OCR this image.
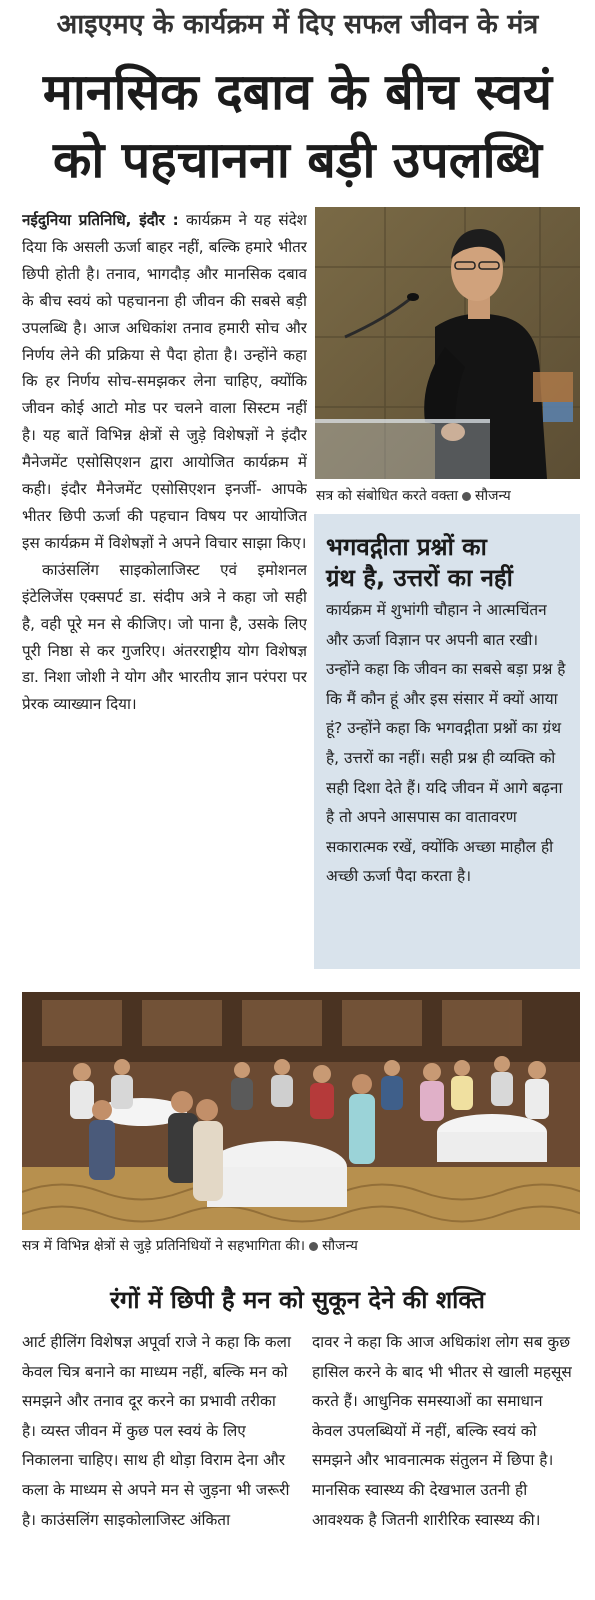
आइएमए के कार्यक्रम में दिए सफल जीवन के मंत्र
मानसिक दबाव के बीच स्वयं
को पहचानना बड़ी उपलब्धि
नईदुनिया प्रतिनिधि, इंदौर : कार्यक्रम ने यह संदेश दिया कि असली ऊर्जा बाहर नहीं, बल्कि हमारे भीतर छिपी होती है। तनाव, भागदौड़ और मानसिक दबाव के बीच स्वयं को पहचानना ही जीवन की सबसे बड़ी उपलब्धि है। आज अधिकांश तनाव हमारी सोच और निर्णय लेने की प्रक्रिया से पैदा होता है। उन्होंने कहा कि हर निर्णय सोच-समझकर लेना चाहिए, क्योंकि जीवन कोई आटो मोड पर चलने वाला सिस्टम नहीं है। यह बातें विभिन्न क्षेत्रों से जुड़े विशेषज्ञों ने इंदौर मैनेजमेंट एसोसिएशन द्वारा आयोजित कार्यक्रम में कही। इंदौर मैनेजमेंट एसोसिएशन इनर्जी- आपके भीतर छिपी ऊर्जा की पहचान विषय पर आयोजित इस कार्यक्रम में विशेषज्ञों ने अपने विचार साझा किए।
काउंसलिंग साइकोलाजिस्ट एवं इमोशनल इंटेलिजेंस एक्सपर्ट डा. संदीप अत्रे ने कहा जो सही है, वही पूरे मन से कीजिए। जो पाना है, उसके लिए पूरी निष्ठा से कर गुजरिए। अंतरराष्ट्रीय योग विशेषज्ञ डा. निशा जोशी ने योग और भारतीय ज्ञान परंपरा पर प्रेरक व्याख्यान दिया।
सत्र को संबोधित करते वक्ता सौजन्य
भगवद्गीता प्रश्नों का
ग्रंथ है, उत्तरों का नहीं

कार्यक्रम में शुभांगी चौहान ने आत्मचिंतन और ऊर्जा विज्ञान पर अपनी बात रखी। उन्होंने कहा कि जीवन का सबसे बड़ा प्रश्न है कि मैं कौन हूं और इस संसार में क्यों आया हूं? उन्होंने कहा कि भगवद्गीता प्रश्नों का ग्रंथ है, उत्तरों का नहीं। सही प्रश्न ही व्यक्ति को सही दिशा देते हैं। यदि जीवन में आगे बढ़ना है तो अपने आसपास का वातावरण सकारात्मक रखें, क्योंकि अच्छा माहौल ही अच्छी ऊर्जा पैदा करता है।

सत्र में विभिन्न क्षेत्रों से जुड़े प्रतिनिधियों ने सहभागिता की। सौजन्य
रंगों में छिपी है मन को सुकून देने की शक्ति
आर्ट हीलिंग विशेषज्ञ अपूर्वा राजे ने कहा कि कला केवल चित्र बनाने का माध्यम नहीं, बल्कि मन को समझने और तनाव दूर करने का प्रभावी तरीका है। व्यस्त जीवन में कुछ पल स्वयं के लिए निकालना चाहिए। साथ ही थोड़ा विराम देना और कला के माध्यम से अपने मन से जुड़ना भी जरूरी है। काउंसलिंग साइकोलाजिस्ट अंकिता
दावर ने कहा कि आज अधिकांश लोग सब कुछ हासिल करने के बाद भी भीतर से खाली महसूस करते हैं। आधुनिक समस्याओं का समाधान केवल उपलब्धियों में नहीं, बल्कि स्वयं को समझने और भावनात्मक संतुलन में छिपा है। मानसिक स्वास्थ्य की देखभाल उतनी ही आवश्यक है जितनी शारीरिक स्वास्थ्य की।
